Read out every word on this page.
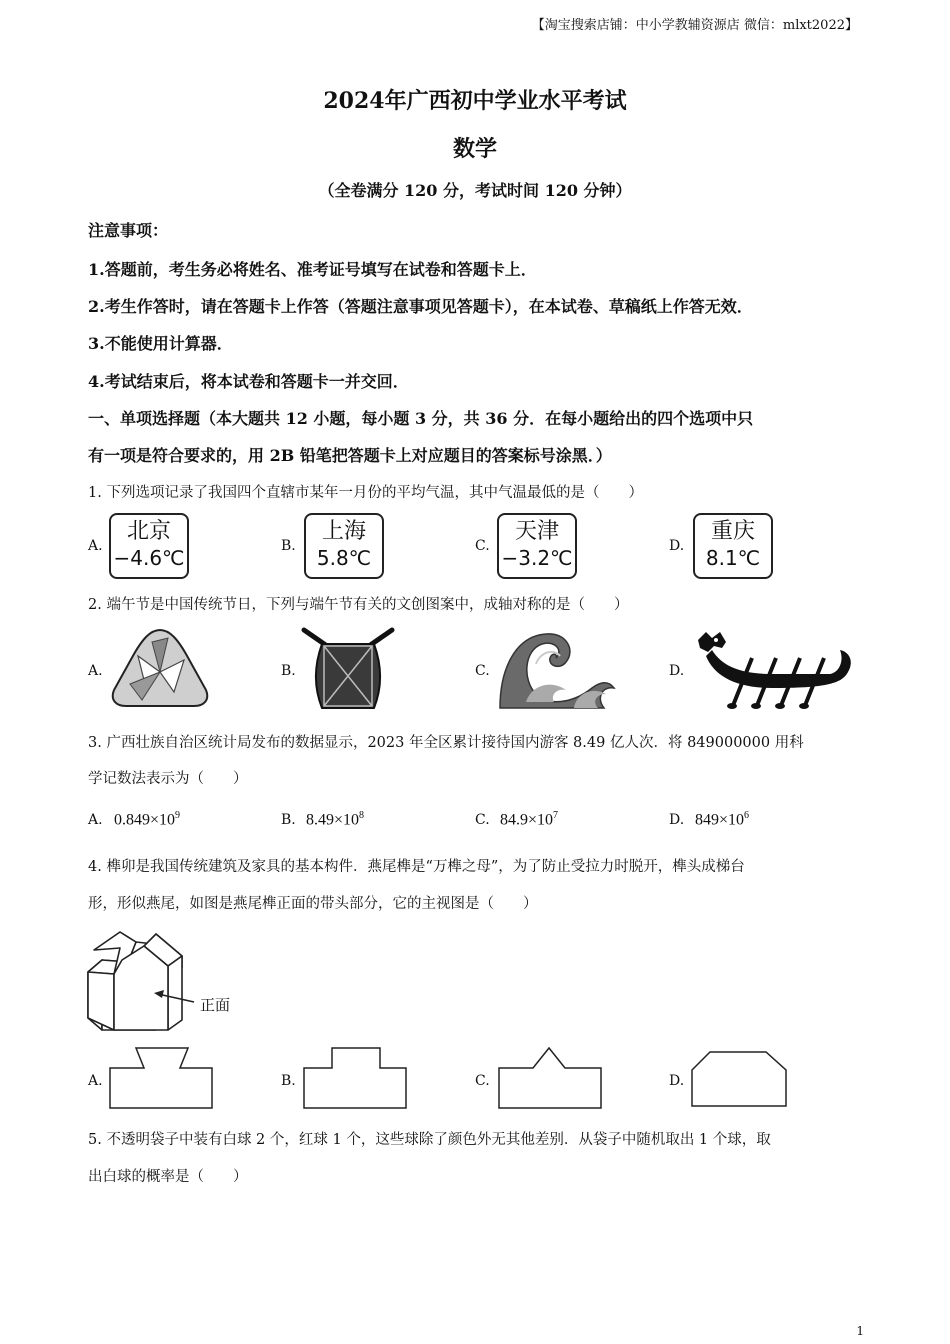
【淘宝搜索店铺：中小学教辅资源店 微信：mlxt2022】
2024年广西初中学业水平考试
数学
（全卷满分 120 分，考试时间 120 分钟）
注意事项：
1.答题前，考生务必将姓名、准考证号填写在试卷和答题卡上．
2.考生作答时，请在答题卡上作答（答题注意事项见答题卡），在本试卷、草稿纸上作答无效．
3.不能使用计算器．
4.考试结束后，将本试卷和答题卡一并交回．
一、单项选择题（本大题共 12 小题，每小题 3 分，共 36 分．在每小题给出的四个选项中只
有一项是符合要求的，用 2B 铅笔把答题卡上对应题目的答案标号涂黑．）
1. 下列选项记录了我国四个直辖市某年一月份的平均气温，其中气温最低的是（　　）
A.
北京
−4.6℃	B.
上海
5.8℃	C.
天津
−3.2℃	D.
重庆
8.1℃
2. 端午节是中国传统节日，下列与端午节有关的文创图案中，成轴对称的是（　　）
A.	B.	C.	D.
3. 广西壮族自治区统计局发布的数据显示，2023 年全区累计接待国内游客 8.49 亿人次．将 849000000 用科
学记数法表示为（　　）
A. $0.849\times 10^9$	B. $8.49\times 10^8$	C. $84.9\times 10^7$	D. $849\times 10^6$
4. 榫卯是我国传统建筑及家具的基本构件．燕尾榫是“万榫之母”，为了防止受拉力时脱开，榫头成梯台
形，形似燕尾，如图是燕尾榫正面的带头部分，它的主视图是（　　）
正面
A.	B.	C.	D.
5. 不透明袋子中装有白球 2 个，红球 1 个，这些球除了颜色外无其他差别．从袋子中随机取出 1 个球，取
出白球的概率是（　　）
1
